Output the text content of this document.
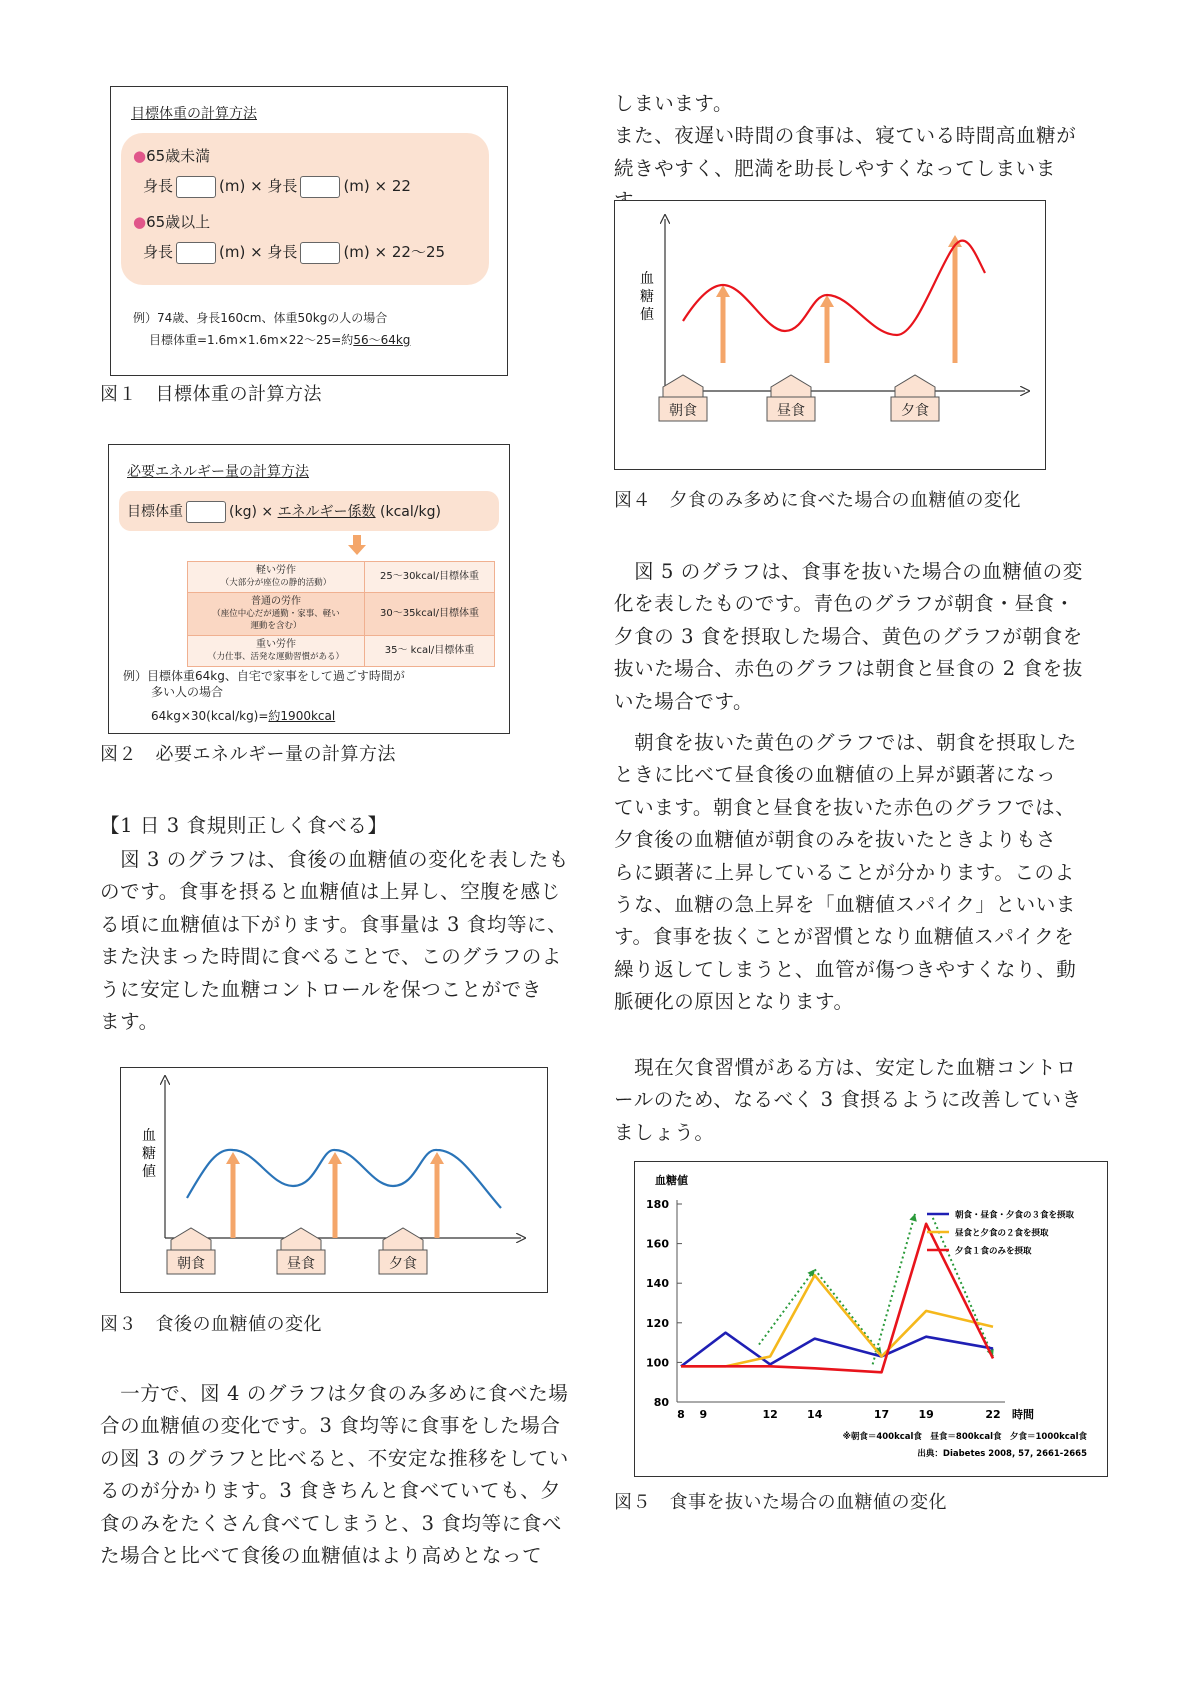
目標体重の計算方法
●65歳未満
身長	(m) × 身長	(m) × 22
●65歳以上
身長	(m) × 身長	(m) × 22〜25
例）74歳、身長160cm、体重50kgの人の場合
目標体重=1.6m×1.6m×22〜25=約56〜64kg
図１　目標体重の計算方法
必要エネルギー量の計算方法
目標体重	(kg) × エネルギー係数 (kcal/kg)
軽い労作
（大部分が座位の静的活動）
25〜30kcal/目標体重
普通の労作
（座位中心だが通勤・家事、軽い運動を含む）
30〜35kcal/目標体重
重い労作
（力仕事、活発な運動習慣がある）
35〜 kcal/目標体重
例）目標体重64kg、自宅で家事をして過ごす時間が
多い人の場合
64kg×30(kcal/kg)=約1900kcal
図２　必要エネルギー量の計算方法
【1 日 3 食規則正しく食べる】
　図 3 のグラフは、食後の血糖値の変化を表したも
のです。食事を摂ると血糖値は上昇し、空腹を感じ
る頃に血糖値は下がります。食事量は 3 食均等に、
また決まった時間に食べることで、このグラフのよ
うに安定した血糖コントロールを保つことができ
ます。
血糖値
朝食	昼食	夕食
図３　食後の血糖値の変化
　一方で、図 4 のグラフは夕食のみ多めに食べた場
合の血糖値の変化です。3 食均等に食事をした場合
の図 3 のグラフと比べると、不安定な推移をしてい
るのが分かります。3 食きちんと食べていても、夕
食のみをたくさん食べてしまうと、3 食均等に食べ
た場合と比べて食後の血糖値はより高めとなって
しまいます。
また、夜遅い時間の食事は、寝ている時間高血糖が
続きやすく、肥満を助長しやすくなってしまいま
血糖値
朝食	昼食	夕食
図４　夕食のみ多めに食べた場合の血糖値の変化
　図 5 のグラフは、食事を抜いた場合の血糖値の変
化を表したものです。青色のグラフが朝食・昼食・
夕食の 3 食を摂取した場合、黄色のグラフが朝食を
抜いた場合、赤色のグラフは朝食と昼食の 2 食を抜
いた場合です。
　朝食を抜いた黄色のグラフでは、朝食を摂取した
ときに比べて昼食後の血糖値の上昇が顕著になっ
ています。朝食と昼食を抜いた赤色のグラフでは、
夕食後の血糖値が朝食のみを抜いたときよりもさ
らに顕著に上昇していることが分かります。このよ
うな、血糖の急上昇を「血糖値スパイク」といいま
す。食事を抜くことが習慣となり血糖値スパイクを
繰り返してしまうと、血管が傷つきやすくなり、動
脈硬化の原因となります。
　現在欠食習慣がある方は、安定した血糖コントロ
ールのため、なるべく 3 食摂るように改善していき
ましょう。
血糖値
80
100
120
140
160
180
8 9	12	14	17	19	22 時間
朝食・昼食・夕食の３食を摂取
昼食と夕食の２食を摂取
夕食１食のみを摂取
※朝食＝400kcal食　昼食＝800kcal食　夕食＝1000kcal食
出典：Diabetes 2008, 57, 2661-2665
図５　食事を抜いた場合の血糖値の変化
